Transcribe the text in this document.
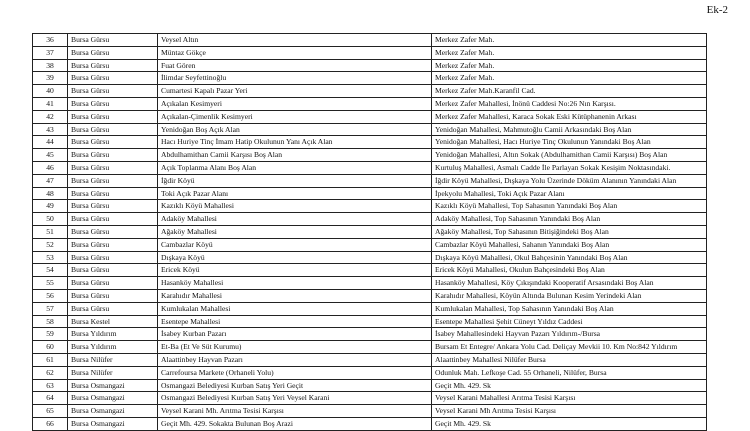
Ek-2
36	Bursa Gürsu	Veysel Altın	Merkez Zafer Mah.
37	Bursa Gürsu	Müntaz Gökçe	Merkez Zafer Mah.
38	Bursa Gürsu	Fuat Gören	Merkez Zafer Mah.
39	Bursa Gürsu	İlimdar Seyfettinoğlu	Merkez Zafer Mah.
40	Bursa Gürsu	Cumartesi Kapalı Pazar Yeri	Merkez Zafer Mah.Karanfil Cad.
41	Bursa Gürsu	Açıkalan Kesimyeri	Merkez Zafer Mahallesi, İnönü Caddesi No:26 Nın Karşısı.
42	Bursa Gürsu	Açıkalan-Çimenlik Kesimyeri	Merkez Zafer Mahallesi, Karaca Sokak Eski Kütüphanenin Arkası
43	Bursa Gürsu	Yenidoğan Boş Açık Alan	Yenidoğan Mahallesi, Mahmutoğlu Camii Arkasındaki Boş Alan
44	Bursa Gürsu	Hacı Huriye Tinç İmam Hatip Okulunun Yanı Açık Alan	Yenidoğan Mahallesi, Hacı Huriye Tinç Okulunun Yanındaki Boş Alan
45	Bursa Gürsu	Abdulhamithan Camii Karşısı Boş Alan	Yenidoğan Mahallesi, Altın Sokak (Abdulhamithan Camii Karşısı) Boş Alan
46	Bursa Gürsu	Açık Toplanma Alanı Boş Alan	Kurtuluş Mahallesi, Asmalı Cadde İle Parlayan Sokak Kesişim Noktasındaki.
47	Bursa Gürsu	İğdir Köyü	İğdir Köyü Mahallesi, Dışkaya Yolu Üzerinde Döküm Alanının Yanındaki Alan
48	Bursa Gürsu	Toki Açık Pazar Alanı	İpekyolu Mahallesi, Toki Açık Pazar Alanı
49	Bursa Gürsu	Kazıklı Köyü Mahallesi	Kazıklı Köyü Mahallesi, Top Sahasının Yanındaki Boş Alan
50	Bursa Gürsu	Adaköy Mahallesi	Adaköy Mahallesi, Top Sahasının Yanındaki Boş Alan
51	Bursa Gürsu	Ağaköy Mahallesi	Ağaköy Mahallesi, Top Sahasının Bitişiğindeki Boş Alan
52	Bursa Gürsu	Cambazlar Köyü	Cambazlar Köyü Mahallesi, Sahanın Yanındaki Boş Alan
53	Bursa Gürsu	Dışkaya Köyü	Dışkaya Köyü Mahallesi, Okul Bahçesinin Yanındaki Boş Alan
54	Bursa Gürsu	Ericek Köyü	Ericek Köyü Mahallesi, Okulun Bahçesindeki Boş Alan
55	Bursa Gürsu	Hasanköy Mahallesi	Hasanköy Mahallesi, Köy Çıkışındaki Kooperatif Arsasındaki Boş Alan
56	Bursa Gürsu	Karahıdır Mahallesi	Karahıdır Mahallesi, Köyün Altında Bulunan Kesim Yerindeki Alan
57	Bursa Gürsu	Kumlukalan Mahallesi	Kumlukalan Mahallesi, Top Sahasının Yanındaki Boş Alan
58	Bursa Kestel	Esentepe Mahallesi	Esentepe Mahallesi Şehit Cüneyt Yıldız Caddesi
59	Bursa Yıldırım	İsabey Kurban Pazarı	İsabey Mahallesindeki Hayvan Pazarı Yıldırım-/Bursa
60	Bursa Yıldırım	Et-Ba (Et Ve Süt Kurumu)	Bursam Et Entegre/ Ankara Yolu Cad. Deliçay Mevkii 10. Km No:842 Yıldırım
61	Bursa Nilüfer	Alaattinbey Hayvan Pazarı	Alaattinbey Mahallesi Nilüfer Bursa
62	Bursa Nilüfer	Carrefoursa Markete (Orhaneli Yolu)	Odunluk Mah. Lefkoşe Cad. 55 Orhaneli, Nilüfer, Bursa
63	Bursa Osmangazi	Osmangazi Belediyesi Kurban Satış Yeri Geçit	Geçit Mh. 429. Sk
64	Bursa Osmangazi	Osmangazi Belediyesi Kurban Satış Yeri Veysel Karani	Veysel Karani Mahallesi Arıtma Tesisi Karşısı
65	Bursa Osmangazi	Veysel Karani Mh. Arıtma Tesisi Karşısı	Veysel Karani Mh Arıtma Tesisi Karşısı
66	Bursa Osmangazi	Geçit Mh. 429. Sokakta Bulunan Boş Arazi	Geçit Mh. 429. Sk
